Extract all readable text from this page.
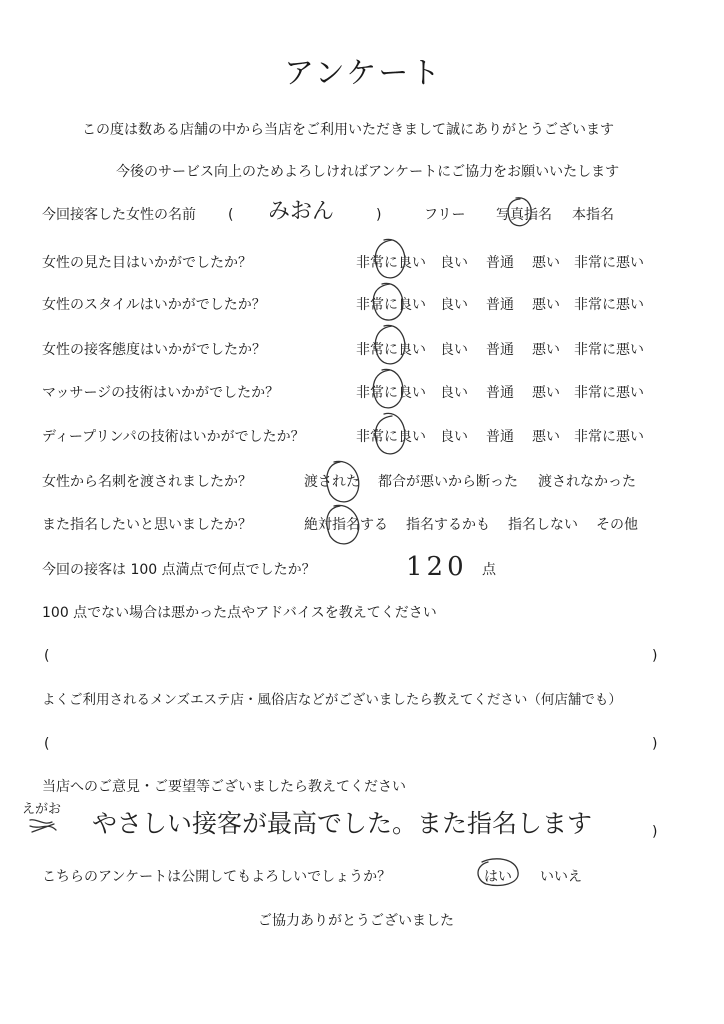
アンケート
この度は数ある店舗の中から当店をご利用いただきまして誠にありがとうございます
今後のサービス向上のためよろしければアンケートにご協力をお願いいたします
今回接客した女性の名前 ( みおん	)	フリー 写真指名 本指名
女性の見た目はいかがでしたか？	非常に良い 良い 普通 悪い 非常に悪い
女性のスタイルはいかがでしたか？	非常に良い 良い 普通 悪い 非常に悪い
女性の接客態度はいかがでしたか？	非常に良い 良い 普通 悪い 非常に悪い
マッサージの技術はいかがでしたか？	非常に良い 良い 普通 悪い 非常に悪い
ディープリンパの技術はいかがでしたか？	非常に良い 良い 普通 悪い 非常に悪い
女性から名刺を渡されましたか？	渡された 都合が悪いから断った 渡されなかった
また指名したいと思いましたか？	絶対指名する 指名するかも 指名しない その他
今回の接客は 100 点満点で何点でしたか？	120 点
100 点でない場合は悪かった点やアドバイスを教えてください
(	)
よくご利用されるメンズエステ店・風俗店などがございましたら教えてください（何店舗でも）
(	)
当店へのご意見・ご要望等ございましたら教えてください
えがお やさしい接客が最高でした。また指名します	)
こちらのアンケートは公開してもよろしいでしょうか？	はい いいえ
ご協力ありがとうございました
